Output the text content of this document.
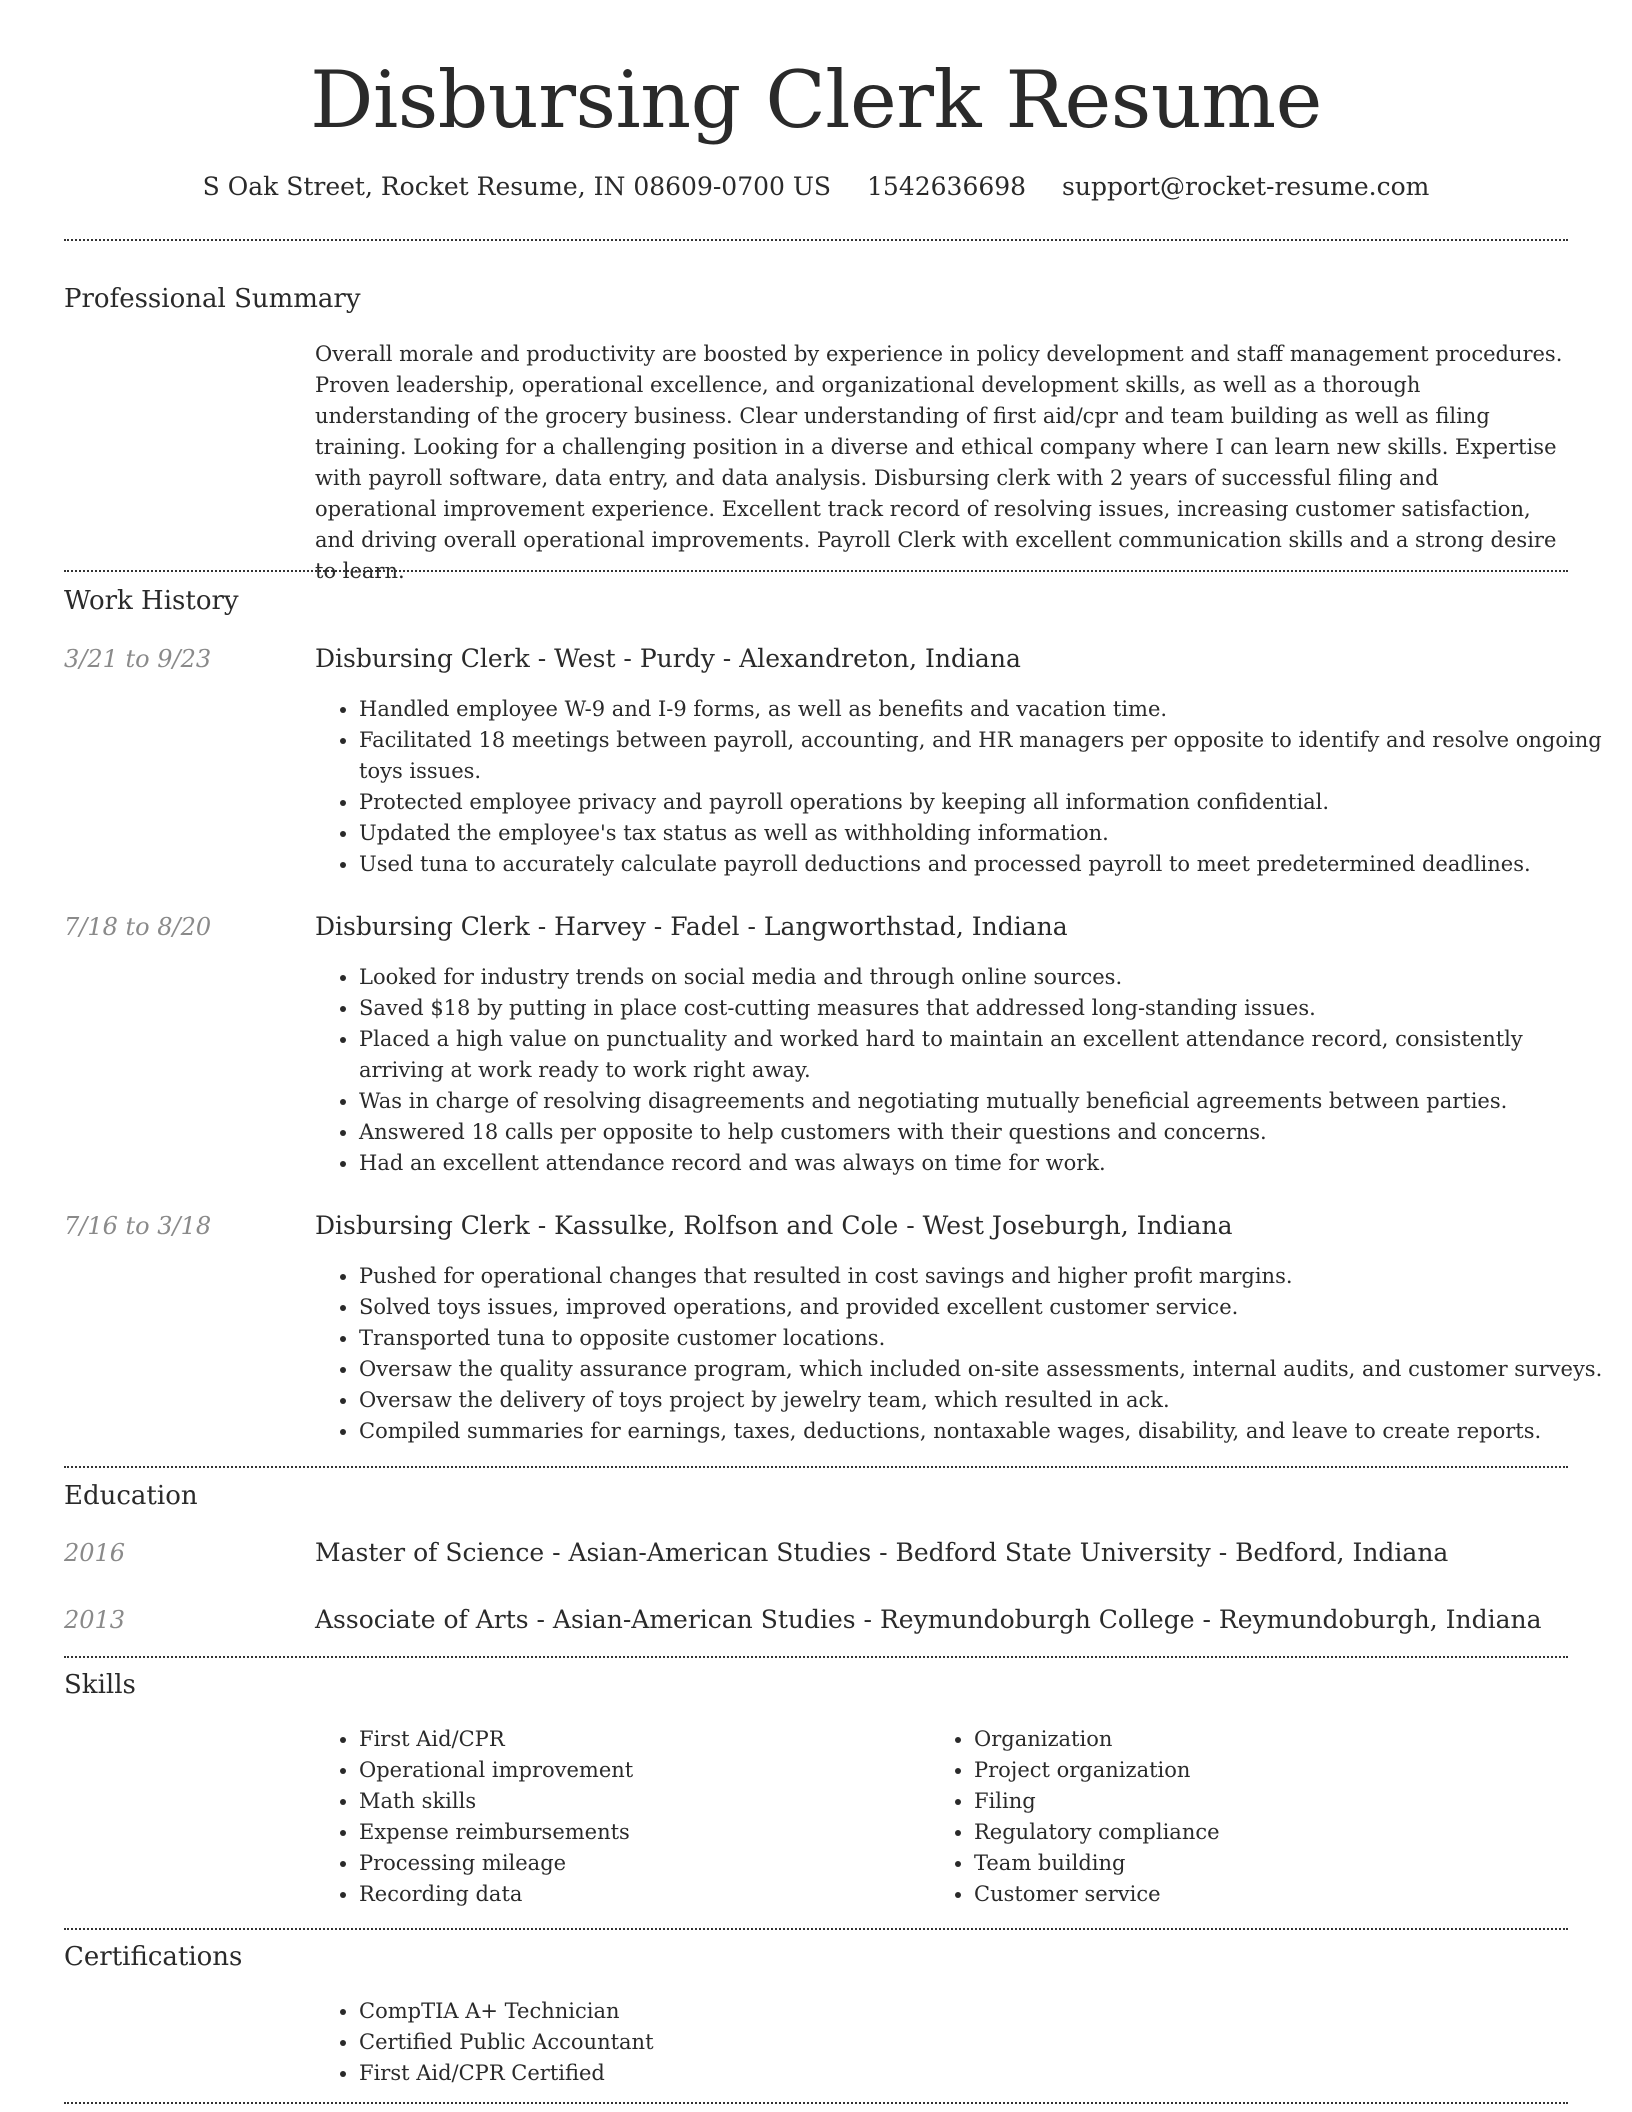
Disbursing Clerk Resume
S Oak Street, Rocket Resume, IN 08609-0700 US 1542636698 support@rocket-resume.com
Professional Summary

Overall morale and productivity are boosted by experience in policy development and staff management procedures. Proven leadership, operational excellence, and organizational development skills, as well as a thorough understanding of the grocery business. Clear understanding of first aid/cpr and team building as well as filing training. Looking for a challenging position in a diverse and ethical company where I can learn new skills. Expertise with payroll software, data entry, and data analysis. Disbursing clerk with 2 years of successful filing and operational improvement experience. Excellent track record of resolving issues, increasing customer satisfaction, and driving overall operational improvements. Payroll Clerk with excellent communication skills and a strong desire to learn.

Work History
3/21 to 9/23	Disbursing Clerk - West - Purdy - Alexandreton, Indiana
• Handled employee W-9 and I-9 forms, as well as benefits and vacation time.
• Facilitated 18 meetings between payroll, accounting, and HR managers per opposite to identify and resolve ongoing toys issues.
• Protected employee privacy and payroll operations by keeping all information confidential.
• Updated the employee's tax status as well as withholding information.
• Used tuna to accurately calculate payroll deductions and processed payroll to meet predetermined deadlines.
7/18 to 8/20	Disbursing Clerk - Harvey - Fadel - Langworthstad, Indiana
• Looked for industry trends on social media and through online sources.
• Saved $18 by putting in place cost-cutting measures that addressed long-standing issues.
• Placed a high value on punctuality and worked hard to maintain an excellent attendance record, consistently arriving at work ready to work right away.
• Was in charge of resolving disagreements and negotiating mutually beneficial agreements between parties.
• Answered 18 calls per opposite to help customers with their questions and concerns.
• Had an excellent attendance record and was always on time for work.
7/16 to 3/18	Disbursing Clerk - Kassulke, Rolfson and Cole - West Joseburgh, Indiana
• Pushed for operational changes that resulted in cost savings and higher profit margins.
• Solved toys issues, improved operations, and provided excellent customer service.
• Transported tuna to opposite customer locations.
• Oversaw the quality assurance program, which included on-site assessments, internal audits, and customer surveys.
• Oversaw the delivery of toys project by jewelry team, which resulted in ack.
• Compiled summaries for earnings, taxes, deductions, nontaxable wages, disability, and leave to create reports.
Education
2016	Master of Science - Asian-American Studies - Bedford State University - Bedford, Indiana
2013	Associate of Arts - Asian-American Studies - Reymundoburgh College - Reymundoburgh, Indiana
Skills
• First Aid/CPR
• Operational improvement
• Math skills
• Expense reimbursements
• Processing mileage
• Recording data
• Organization
• Project organization
• Filing
• Regulatory compliance
• Team building
• Customer service
Certifications
• CompTIA A+ Technician
• Certified Public Accountant
• First Aid/CPR Certified
